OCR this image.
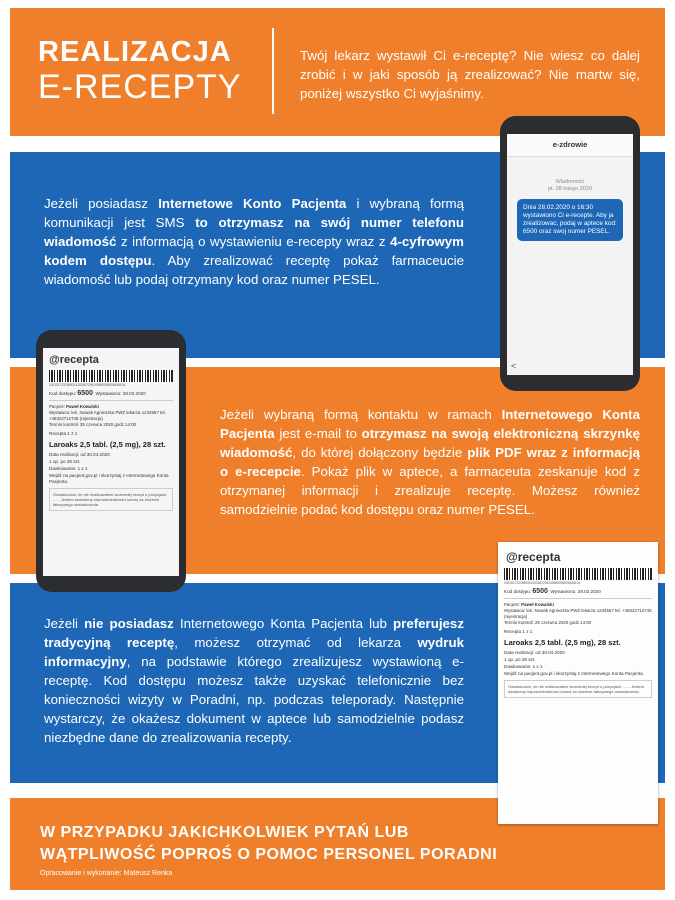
REALIZACJA
E-RECEPTY
Twój lekarz wystawił Ci e-receptę? Nie wiesz co dalej zrobić i w jaki sposób ją zrealizować? Nie martw się, poniżej wszystko Ci wyjaśnimy.
Jeżeli posiadasz Internetowe Konto Pacjenta i wybraną formą komunikacji jest SMS to otrzymasz na swój numer telefonu wiadomość z informacją o wystawieniu e-recepty wraz z 4-cyfrowym kodem dostępu. Aby zrealizować receptę pokaż farmaceucie wiadomość lub podaj otrzymany kod oraz numer PESEL.
Jeżeli wybraną formą kontaktu w ramach Internetowego Konta Pacjenta jest e-mail to otrzymasz na swoją elektroniczną skrzynkę wiadomość, do której dołączony będzie plik PDF wraz z informacją o e-recepcie. Pokaż plik w aptece, a farmaceuta zeskanuje kod z otrzymanej informacji i zrealizuje receptę. Możesz również samodzielnie podać kod dostępu oraz numer PESEL.
Jeżeli nie posiadasz Internetowego Konta Pacjenta lub preferujesz tradycyjną receptę, możesz otrzymać od lekarza wydruk informacyjny, na podstawie którego zrealizujesz wystawioną e-receptę. Kod dostępu możesz także uzyskać telefonicznie bez konieczności wizyty w Poradni, np. podczas teleporady. Następnie wystarczy, że okażesz dokument w aptece lub samodzielnie podasz niezbędne dane do zrealizowania recepty.
e-zdrowie
Wiadomość
pt. 28 lutego 2020
Dnia 28.02.2020 o 16:30 wystawiono Ci e-recepte. Aby ja zrealizowac, podaj w aptece kod: 6500 oraz swoj numer PESEL.
<
@recepta
1001017231899314103367294243659095006436104
Kod dostępu: 6500 Wystawiono: 28.02.2020
Pacjent: Paweł Kowalski
Wystawca: lek. Nowak Agnieszka PWZ lekarza 1234567 tel. +48322712745 (rejestracja)
Termin kontroli: 25 czerwca 2020 godz.14:00
Recepta 1 z 1
Laroaks 2,5 tabl. (2,5 mg), 28 szt.
Data realizacji: od 30.04.2020
1 op. po 28 szt.
Dawkowanie: 1 x 1
Wejdź na pacjent.gov.pl i skorzystaj z Internetowego Konta Pacjenta.
Oświadczam, że nie realizowałem wcześniej recept o pozycjach: ...... Jestem świadomy odpowiedzialności karnej za złożenie fałszywego oświadczenia.
@recepta
1001017231899314103367294243659095006436104
Kod dostępu: 6500 Wystawiono: 28.02.2020
Pacjent: Paweł Kowalski
Wystawca: lek. Nowak Agnieszka PWZ lekarza 1234567 tel. +48322712745 (rejestracja)
Termin kontroli: 25 czerwca 2020 godz.14:00
Recepta 1 z 1
Laroaks 2,5 tabl. (2,5 mg), 28 szt.
Data realizacji: od 30.04.2020
1 op. po 28 szt.
Dawkowanie: 1 x 1
Wejdź na pacjent.gov.pl i skorzystaj z Internetowego Konta Pacjenta.
Oświadczam, że nie realizowałem wcześniej recept o pozycjach: ...... Jestem świadomy odpowiedzialności karnej za złożenie fałszywego oświadczenia.
W PRZYPADKU JAKICHKOLWIEK PYTAŃ LUB
WĄTPLIWOŚĆ POPROŚ O POMOC PERSONEL PORADNI
Opracowanie i wykonanie: Mateusz Renka
